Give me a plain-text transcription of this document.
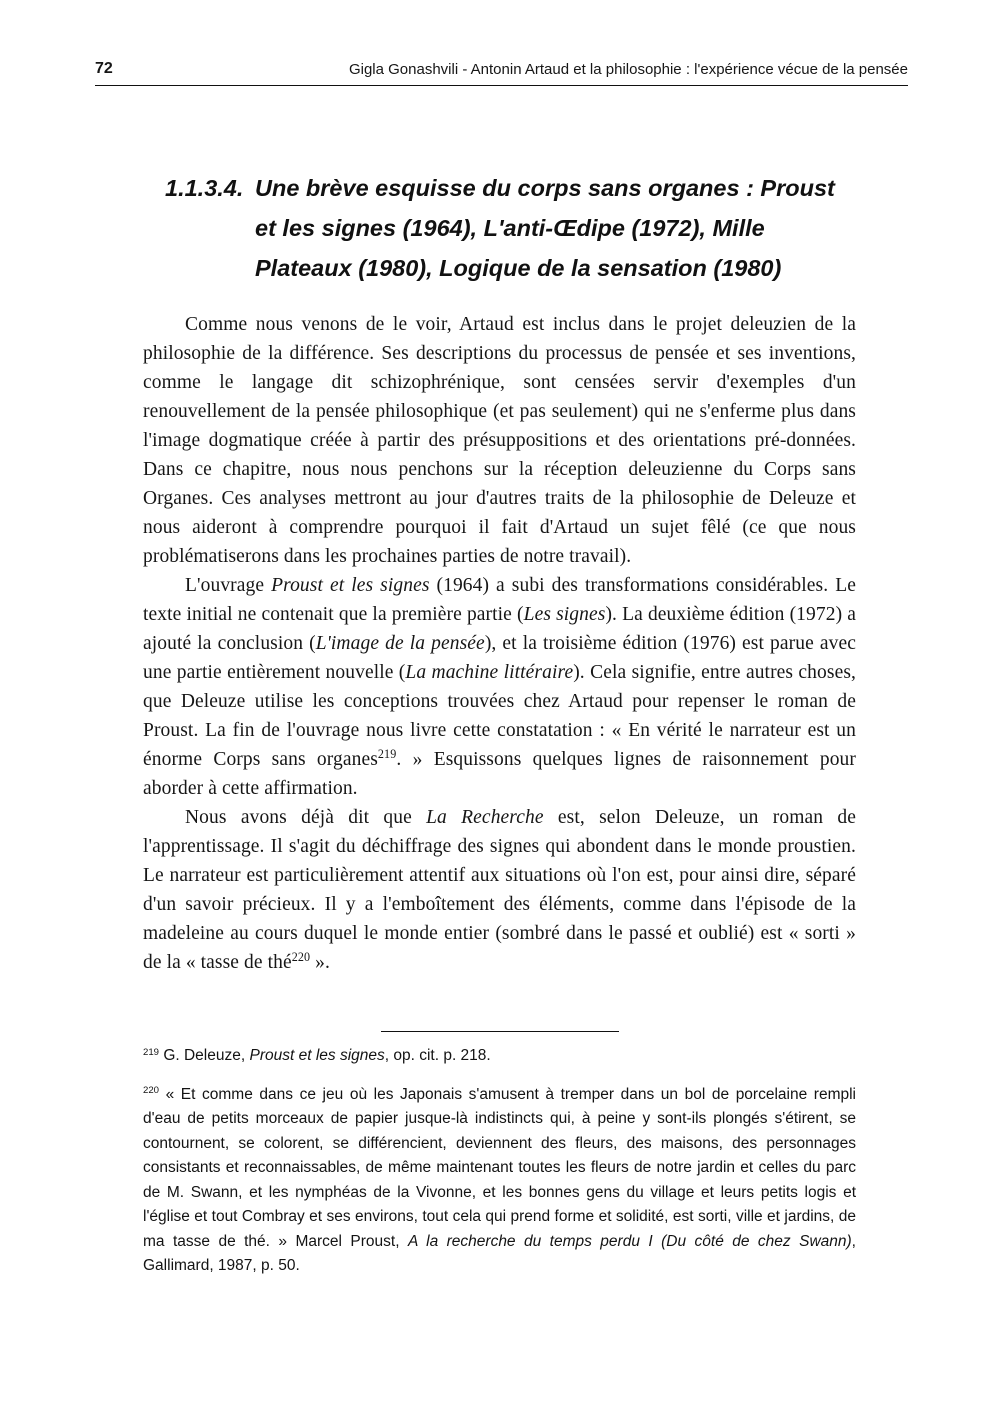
72	Gigla Gonashvili - Antonin Artaud et la philosophie : l'expérience vécue de la pensée
1.1.3.4. Une brève esquisse du corps sans organes : Proust
et les signes (1964), L'anti-Œdipe (1972), Mille
Plateaux (1980), Logique de la sensation (1980)

Comme nous venons de le voir, Artaud est inclus dans le projet deleuzien de la philosophie de la différence. Ses descriptions du processus de pensée et ses inventions, comme le langage dit schizophrénique, sont censées servir d'exemples d'un renouvellement de la pensée philosophique (et pas seulement) qui ne s'enferme plus dans l'image dogmatique créée à partir des présuppositions et des orientations pré-données. Dans ce chapitre, nous nous penchons sur la réception deleuzienne du Corps sans Organes. Ces analyses mettront au jour d'autres traits de la philosophie de Deleuze et nous aideront à comprendre pourquoi il fait d'Artaud un sujet fêlé (ce que nous problématiserons dans les prochaines parties de notre travail).

L'ouvrage Proust et les signes (1964) a subi des transformations considérables. Le texte initial ne contenait que la première partie (Les signes). La deuxième édition (1972) a ajouté la conclusion (L'image de la pensée), et la troisième édition (1976) est parue avec une partie entièrement nouvelle (La machine littéraire). Cela signifie, entre autres choses, que Deleuze utilise les conceptions trouvées chez Artaud pour repenser le roman de Proust. La fin de l'ouvrage nous livre cette constatation : « En vérité le narrateur est un énorme Corps sans organes$^{219}$. » Esquissons quelques lignes de raisonnement pour aborder à cette affirmation.

Nous avons déjà dit que La Recherche est, selon Deleuze, un roman de l'apprentissage. Il s'agit du déchiffrage des signes qui abondent dans le monde proustien. Le narrateur est particulièrement attentif aux situations où l'on est, pour ainsi dire, séparé d'un savoir précieux. Il y a l'emboîtement des éléments, comme dans l'épisode de la madeleine au cours duquel le monde entier (sombré dans le passé et oublié) est « sorti » de la « tasse de thé$^{220}$ ».

$^{219}$ G. Deleuze, Proust et les signes, op. cit. p. 218.

$^{220}$ « Et comme dans ce jeu où les Japonais s'amusent à tremper dans un bol de porcelaine rempli d'eau de petits morceaux de papier jusque-là indistincts qui, à peine y sont-ils plongés s'étirent, se contournent, se colorent, se différencient, deviennent des fleurs, des maisons, des personnages consistants et reconnaissables, de même maintenant toutes les fleurs de notre jardin et celles du parc de M. Swann, et les nymphéas de la Vivonne, et les bonnes gens du village et leurs petits logis et l'église et tout Combray et ses environs, tout cela qui prend forme et solidité, est sorti, ville et jardins, de ma tasse de thé. » Marcel Proust, A la recherche du temps perdu I (Du côté de chez Swann), Gallimard, 1987, p. 50.
